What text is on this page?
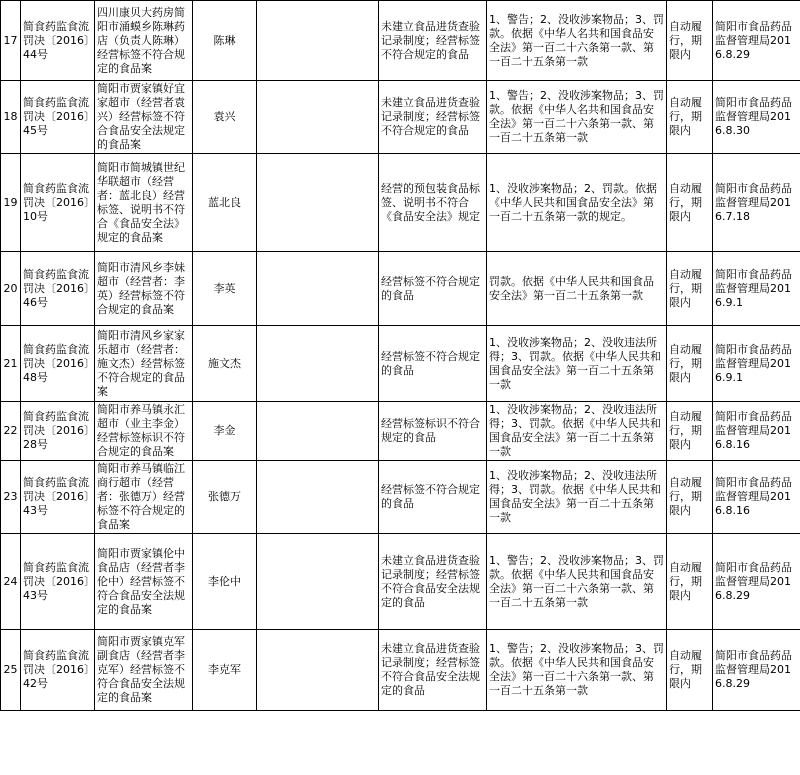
17	简食药监食流罚决〔2016〕44号	四川康贝大药房简阳市涌蟆乡陈琳药店（负责人陈琳）经营标签不符合规定的食品案	陈琳		未建立食品进货查验记录制度；经营标签不符合规定的食品	1、警告；2、没收涉案物品；3、罚款。依据《中华人名共和国食品安全法》第一百二十六条第一款、第一百二十五条第一款	自动履行，期限内	简阳市食品药品监督管理局2016.8.29
18	简食药监食流罚决〔2016〕45号	简阳市贾家镇好宜家超市（经营者袁兴）经营标签不符合食品安全法规定的食品案	袁兴		未建立食品进货查验记录制度；经营标签不符合规定的食品	1、警告；2、没收涉案物品；3、罚款。依据《中华人名共和国食品安全法》第一百二十六条第一款、第一百二十五条第一款	自动履行，期限内	简阳市食品药品监督管理局2016.8.30
19	简食药监食流罚决〔2016〕10号	简阳市简城镇世纪华联超市（经营者：蓝北良）经营标签、说明书不符合《食品安全法》规定的食品案	蓝北良		经营的预包装食品标签、说明书不符合《食品安全法》规定	1、没收涉案物品；2、罚款。依据《中华人民共和国食品安全法》第一百二十五条第一款的规定。	自动履行，期限内	简阳市食品药品监督管理局2016.7.18
20	简食药监食流罚决〔2016〕46号	简阳市清风乡李妹超市（经营者：李英）经营标签不符合规定的食品案	李英		经营标签不符合规定的食品	罚款。依据《中华人民共和国食品安全法》第一百二十五条第一款	自动履行，期限内	简阳市食品药品监督管理局2016.9.1
21	简食药监食流罚决〔2016〕48号	简阳市清风乡家家乐超市（经营者：施文杰）经营标签不符合规定的食品案	施文杰		经营标签不符合规定的食品	1、没收涉案物品；2、没收违法所得；3、罚款。依据《中华人民共和国食品安全法》第一百二十五条第一款	自动履行，期限内	简阳市食品药品监督管理局2016.9.1
22	简食药监食流罚决〔2016〕28号	简阳市养马镇永汇超市（业主李金）经营标签标识不符合规定的食品案	李金		经营标签标识不符合规定的食品	1、没收涉案物品；2、没收违法所得；3、罚款。依据《中华人民共和国食品安全法》第一百二十五条第一款	自动履行，期限内	简阳市食品药品监督管理局2016.8.16
23	简食药监食流罚决〔2016〕43号	简阳市养马镇临江商行超市（经营者：张德万）经营标签不符合规定的食品案	张德万		经营标签不符合规定的食品	1、没收涉案物品；2、没收违法所得；3、罚款。依据《中华人民共和国食品安全法》第一百二十五条第一款	自动履行，期限内	简阳市食品药品监督管理局2016.8.16
24	简食药监食流罚决〔2016〕43号	简阳市贾家镇伦中食品店（经营者李伦中）经营标签不符合食品安全法规定的食品案	李伦中		未建立食品进货查验记录制度；经营标签不符合食品安全法规定的食品	1、警告；2、没收涉案物品；3、罚款。依据《中华人民共和国食品安全法》第一百二十六条第一款、第一百二十五条第一款	自动履行，期限内	简阳市食品药品监督管理局2016.8.29
25	简食药监食流罚决〔2016〕42号	简阳市贾家镇克军副食店（经营者李克军）经营标签不符合食品安全法规定的食品案	李克军		未建立食品进货查验记录制度；经营标签不符合食品安全法规定的食品	1、警告；2、没收涉案物品；3、罚款。依据《中华人民共和国食品安全法》第一百二十六条第一款、第一百二十五条第一款	自动履行，期限内	简阳市食品药品监督管理局2016.8.29
